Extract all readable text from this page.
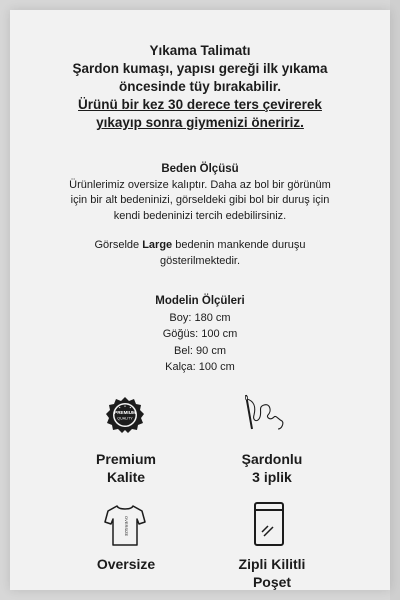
Yıkama Talimatı
Şardon kumaşı, yapısı gereği ilk yıkama
öncesinde tüy bırakabilir.
Ürünü bir kez 30 derece ters çevirerek
yıkayıp sonra giymenizi öneririz.
Beden Ölçüsü
Ürünlerimiz oversize kalıptır. Daha az bol bir görünüm
için bir alt bedeninizi, görseldeki gibi bol bir duruş için
kendi bedeninizi tercih edebilirsiniz.
Görselde Large bedenin mankende duruşu
gösterilmektedir.
Modelin Ölçüleri
Boy: 180 cm
Göğüs: 100 cm
Bel: 90 cm
Kalça: 100 cm
PREMIUM
QUALITY
Premium
Kalite
Şardonlu
3 iplik
OVERSIZE
Oversize	Zipli Kilitli
Poşet
